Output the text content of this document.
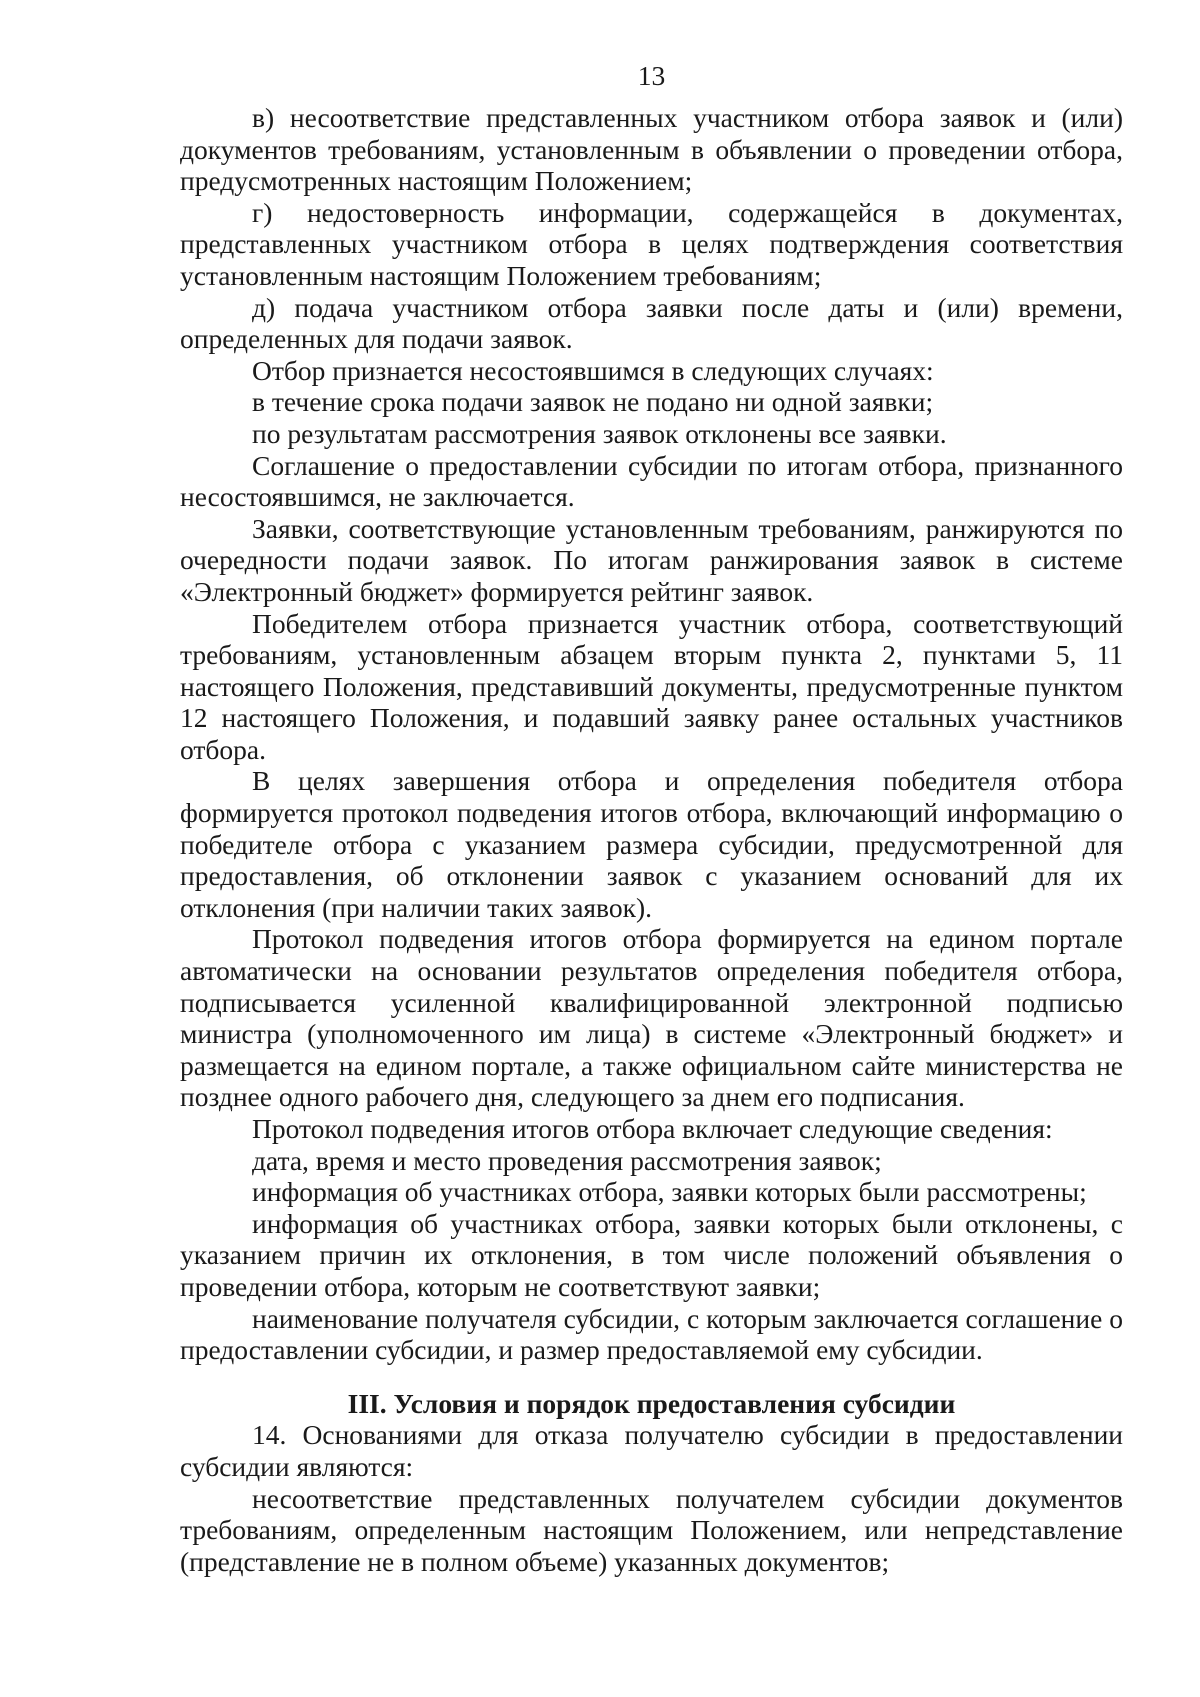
13

в) несоответствие представленных участником отбора заявок и (или) документов требованиям, установленным в объявлении о проведении отбора, предусмотренных настоящим Положением;

г) недостоверность информации, содержащейся в документах, представленных участником отбора в целях подтверждения соответствия установленным настоящим Положением требованиям;

д) подача участником отбора заявки после даты и (или) времени, определенных для подачи заявок.

Отбор признается несостоявшимся в следующих случаях:

в течение срока подачи заявок не подано ни одной заявки;

по результатам рассмотрения заявок отклонены все заявки.

Соглашение о предоставлении субсидии по итогам отбора, признанного несостоявшимся, не заключается.

Заявки, соответствующие установленным требованиям, ранжируются по очередности подачи заявок. По итогам ранжирования заявок в системе «Электронный бюджет» формируется рейтинг заявок.

Победителем отбора признается участник отбора, соответствующий требованиям, установленным абзацем вторым пункта 2, пунктами 5, 11 настоящего Положения, представивший документы, предусмотренные пунктом 12 настоящего Положения, и подавший заявку ранее остальных участников отбора.

В целях завершения отбора и определения победителя отбора формируется протокол подведения итогов отбора, включающий информацию о победителе отбора с указанием размера субсидии, предусмотренной для предоставления, об отклонении заявок с указанием оснований для их отклонения (при наличии таких заявок).

Протокол подведения итогов отбора формируется на едином портале автоматически на основании результатов определения победителя отбора, подписывается усиленной квалифицированной электронной подписью министра (уполномоченного им лица) в системе «Электронный бюджет» и размещается на едином портале, а также официальном сайте министерства не позднее одного рабочего дня, следующего за днем его подписания.

Протокол подведения итогов отбора включает следующие сведения:

дата, время и место проведения рассмотрения заявок;

информация об участниках отбора, заявки которых были рассмотрены;

информация об участниках отбора, заявки которых были отклонены, с указанием причин их отклонения, в том числе положений объявления о проведении отбора, которым не соответствуют заявки;

наименование получателя субсидии, с которым заключается соглашение о предоставлении субсидии, и размер предоставляемой ему субсидии.

III. Условия и порядок предоставления субсидии

14. Основаниями для отказа получателю субсидии в предоставлении субсидии являются:

несоответствие представленных получателем субсидии документов требованиям, определенным настоящим Положением, или непредставление (представление не в полном объеме) указанных документов;
